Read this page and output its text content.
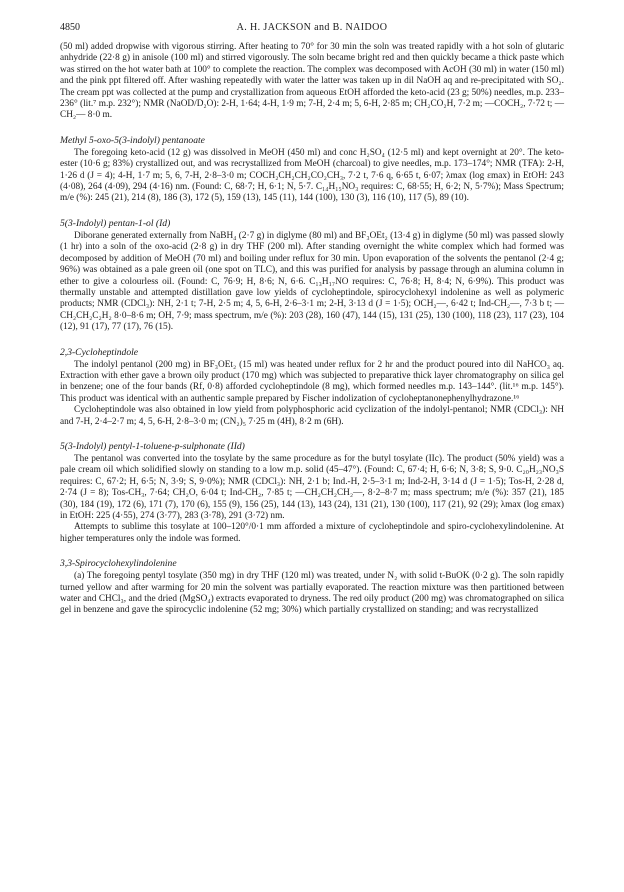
4850	A. H. JACKSON and B. NAIDOO

(50 ml) added dropwise with vigorous stirring. After heating to 70° for 30 min the soln was treated rapidly with a hot soln of glutaric anhydride (22·8 g) in anisole (100 ml) and stirred vigorously. The soln became bright red and then quickly became a thick paste which was stirred on the hot water bath at 100° to complete the reaction. The complex was decomposed with AcOH (30 ml) in water (150 ml) and the pink ppt filtered off. After washing repeatedly with water the latter was taken up in dil NaOH aq and re-precipitated with SO₂. The cream ppt was collected at the pump and crystallization from aqueous EtOH afforded the keto-acid (23 g; 50%) needles, m.p. 233–236° (lit.⁷ m.p. 232°); NMR (NaOD/D₂O): 2-H, 1·64; 4-H, 1·9 m; 7-H, 2·4 m; 5, 6-H, 2·85 m; CH₂CO₂H, 7·2 m; —COCH₂, 7·72 t; —CH₂— 8·0 m.

Methyl 5-oxo-5(3-indolyl) pentanoate

The foregoing keto-acid (12 g) was dissolved in MeOH (450 ml) and conc H₂SO₄ (12·5 ml) and kept overnight at 20°. The keto-ester (10·6 g; 83%) crystallized out, and was recrystallized from MeOH (charcoal) to give needles, m.p. 173–174°; NMR (TFA): 2-H, 1·26 d (J = 4); 4-H, 1·7 m; 5, 6, 7-H, 2·8–3·0 m; COCH₂CH₂CH₂CO₂CH₃, 7·2 t, 7·6 q, 6·65 t, 6·07; λmax (log εmax) in EtOH: 243 (4·08), 264 (4·09), 294 (4·16) nm. (Found: C, 68·7; H, 6·1; N, 5·7. C₁₄H₁₅NO₃ requires: C, 68·55; H, 6·2; N, 5·7%); Mass Spectrum; m/e (%): 245 (21), 214 (8), 186 (3), 172 (5), 159 (13), 145 (11), 144 (100), 130 (3), 116 (10), 117 (5), 89 (10).

5(3-Indolyl) pentan-1-ol (Id)

Diborane generated externally from NaBH₄ (2·7 g) in diglyme (80 ml) and BF₃OEt₂ (13·4 g) in diglyme (50 ml) was passed slowly (1 hr) into a soln of the oxo-acid (2·8 g) in dry THF (200 ml). After standing overnight the white complex which had formed was decomposed by addition of MeOH (70 ml) and boiling under reflux for 30 min. Upon evaporation of the solvents the pentanol (2·4 g; 96%) was obtained as a pale green oil (one spot on TLC), and this was purified for analysis by passage through an alumina column in ether to give a colourless oil. (Found: C, 76·9; H, 8·6; N, 6·6. C₁₃H₁₇NO requires: C, 76·8; H, 8·4; N, 6·9%). This product was thermally unstable and attempted distillation gave low yields of cycloheptindole, spirocyclohexyl indolenine as well as polymeric products; NMR (CDCl₃): NH, 2·1 t; 7-H, 2·5 m; 4, 5, 6-H, 2·6–3·1 m; 2-H, 3·13 d (J = 1·5); OCH₂—, 6·42 t; Ind-CH₂—, 7·3 b t; —CH₂CH₂C₂H₂ 8·0–8·6 m; OH, 7·9; mass spectrum, m/e (%): 203 (28), 160 (47), 144 (15), 131 (25), 130 (100), 118 (23), 117 (23), 104 (12), 91 (17), 77 (17), 76 (15).

2,3-Cycloheptindole

The indolyl pentanol (200 mg) in BF₃OEt₂ (15 ml) was heated under reflux for 2 hr and the product poured into dil NaHCO₃ aq. Extraction with ether gave a brown oily product (170 mg) which was subjected to preparative thick layer chromatography on silica gel in benzene; one of the four bands (Rf, 0·8) afforded cycloheptindole (8 mg), which formed needles m.p. 143–144°. (lit.¹⁶ m.p. 145°). This product was identical with an authentic sample prepared by Fischer indolization of cycloheptanonephenylhydrazone.¹⁶

Cycloheptindole was also obtained in low yield from polyphosphoric acid cyclization of the indolyl-pentanol; NMR (CDCl₃): NH and 7-H, 2·4–2·7 m; 4, 5, 6-H, 2·8–3·0 m; (CN₂)₅ 7·25 m (4H), 8·2 m (6H).

5(3-Indolyl) pentyl-1-toluene-p-sulphonate (IId)

The pentanol was converted into the tosylate by the same procedure as for the butyl tosylate (IIc). The product (50% yield) was a pale cream oil which solidified slowly on standing to a low m.p. solid (45–47°). (Found: C, 67·4; H, 6·6; N, 3·8; S, 9·0. C₂₀H₂₃NO₃S requires: C, 67·2; H, 6·5; N, 3·9; S, 9·0%); NMR (CDCl₃): NH, 2·1 b; Ind.-H, 2·5–3·1 m; Ind-2-H, 3·14 d (J = 1·5); Tos-H, 2·28 d, 2·74 (J = 8); Tos-CH₃, 7·64; CH₂O, 6·04 t; Ind-CH₂, 7·85 t; —CH₂CH₂CH₂—, 8·2–8·7 m; mass spectrum; m/e (%): 357 (21), 185 (30), 184 (19), 172 (6), 171 (7), 170 (6), 155 (9), 156 (25), 144 (13), 143 (24), 131 (21), 130 (100), 117 (21), 92 (29); λmax (log εmax) in EtOH: 225 (4·55), 274 (3·77), 283 (3·78), 291 (3·72) nm.

Attempts to sublime this tosylate at 100–120°/0·1 mm afforded a mixture of cycloheptindole and spiro-cyclohexylindolenine. At higher temperatures only the indole was formed.

3,3-Spirocyclohexylindolenine

(a) The foregoing pentyl tosylate (350 mg) in dry THF (120 ml) was treated, under N₂ with solid t-BuOK (0·2 g). The soln rapidly turned yellow and after warming for 20 min the solvent was partially evaporated. The reaction mixture was then partitioned between water and CHCl₃, and the dried (MgSO₄) extracts evaporated to dryness. The red oily product (200 mg) was chromatographed on silica gel in benzene and gave the spirocyclic indolenine (52 mg; 30%) which partially crystallized on standing; and was recrystallized
